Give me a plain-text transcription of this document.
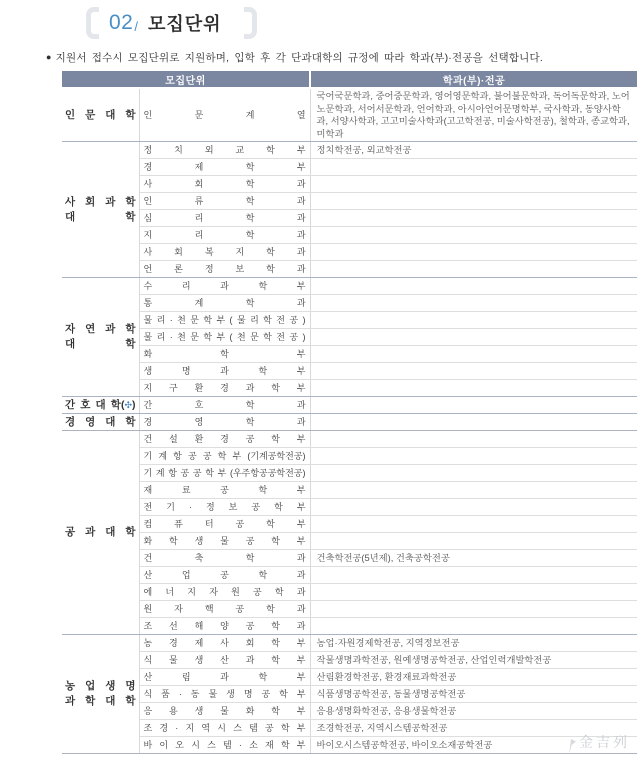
02 / 모집단위
● 지원서 접수시 모집단위로 지원하며, 입학 후 각 단과대학의 규정에 따라 학과(부)·전공을 선택합니다.
모집단위		학과(부)·전공
인 문 대 학	인 문 계 열	국어국문학과, 중어중문학과, 영어영문학과, 불어불문학과, 독어독문학과, 노어노문학과, 서어서문학과, 언어학과, 아시아언어문명학부, 국사학과, 동양사학과, 서양사학과, 고고미술사학과(고고학전공, 미술사학전공), 철학과, 종교학과, 미학과
사 회 과 학
대 학	정 치 외 교 학 부	정치학전공, 외교학전공
	경 제 학 부	
	사 회 학 과	
	인 류 학 과	
	심 리 학 과	
	지 리 학 과	
	사 회 복 지 학 과	
	언 론 정 보 학 과	
자 연 과 학
대 학	수 리 과 학 부	
	통 계 학 과	
	물 리 · 천 문 학 부 ( 물 리 학 전 공 )	
	물 리 · 천 문 학 부 ( 천 문 학 전 공 )	
	화 학 부	
	생 명 과 학 부	
	지 구 환 경 과 학 부	
간 호 대 학(✣)	간 호 학 과	
경 영 대 학	경 영 학 과	
공 과 대 학	건 설 환 경 공 학 부	
	기 계 항 공 공 학 부 (기계공학전공)	
	기 계 항 공 공 학 부 (우주항공공학전공)	
	재 료 공 학 부	
	전 기 · 정 보 공 학 부	
	컴 퓨 터 공 학 부	
	화 학 생 물 공 학 부	
	건 축 학 과	건축학전공(5년제), 건축공학전공
	산 업 공 학 과	
	에 너 지 자 원 공 학 과	
	원 자 핵 공 학 과	
	조 선 해 양 공 학 과	
농 업 생 명
과 학 대 학	농 경 제 사 회 학 부	농업·자원경제학전공, 지역정보전공
	식 물 생 산 과 학 부	작물생명과학전공, 원예생명공학전공, 산업인력개발학전공
	산 림 과 학 부	산림환경학전공, 환경재료과학전공
	식 품 · 동 물 생 명 공 학 부	식품생명공학전공, 동물생명공학전공
	응 용 생 물 화 학 부	응용생명화학전공, 응용생물학전공
	조 경 · 지 역 시 스 템 공 학 부	조경학전공, 지역시스템공학전공
	바 이 오 시 스 템 · 소 재 학 부	바이오시스템공학전공, 바이오소재공학전공	金吉列
· · · · · ·
